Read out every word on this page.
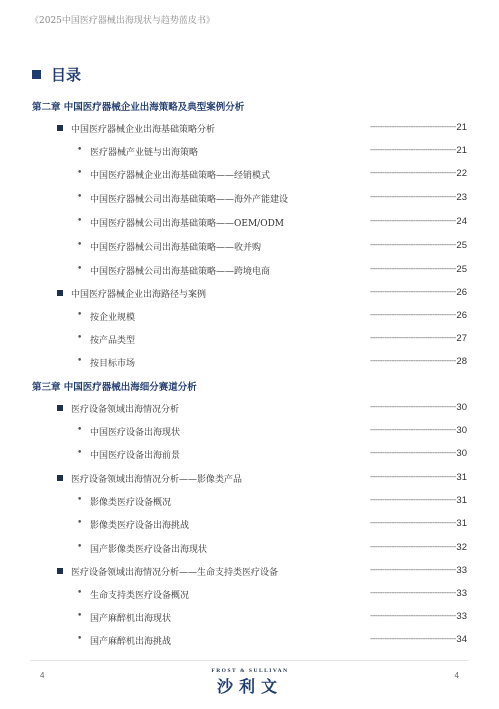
《2025中国医疗器械出海现状与趋势蓝皮书》
目录
第二章 中国医疗器械企业出海策略及典型案例分析
中国医疗器械企业出海基础策略分析	------------------------------------ 21
• 医疗器械产业链与出海策略	------------------------------------ 21
• 中国医疗器械企业出海基础策略——经销模式	------------------------------------ 22
• 中国医疗器械公司出海基础策略——海外产能建设	------------------------------------ 23
• 中国医疗器械公司出海基础策略——OEM/ODM	------------------------------------ 24
• 中国医疗器械公司出海基础策略——收并购	------------------------------------ 25
• 中国医疗器械公司出海基础策略——跨境电商	------------------------------------ 25
中国医疗器械企业出海路径与案例	------------------------------------ 26
• 按企业规模	------------------------------------ 26
• 按产品类型	------------------------------------ 27
• 按目标市场	------------------------------------ 28
第三章 中国医疗器械出海细分赛道分析
医疗设备领域出海情况分析	------------------------------------ 30
• 中国医疗设备出海现状	------------------------------------ 30
• 中国医疗设备出海前景	------------------------------------ 30
医疗设备领域出海情况分析——影像类产品	------------------------------------ 31
• 影像类医疗设备概况	------------------------------------ 31
• 影像类医疗设备出海挑战	------------------------------------ 31
• 国产影像类医疗设备出海现状	------------------------------------ 32
医疗设备领域出海情况分析——生命支持类医疗设备	------------------------------------ 33
• 生命支持类医疗设备概况	------------------------------------ 33
• 国产麻醉机出海现状	------------------------------------ 33
• 国产麻醉机出海挑战	------------------------------------ 34
4	4
FROST & SULLIVAN
沙利文
